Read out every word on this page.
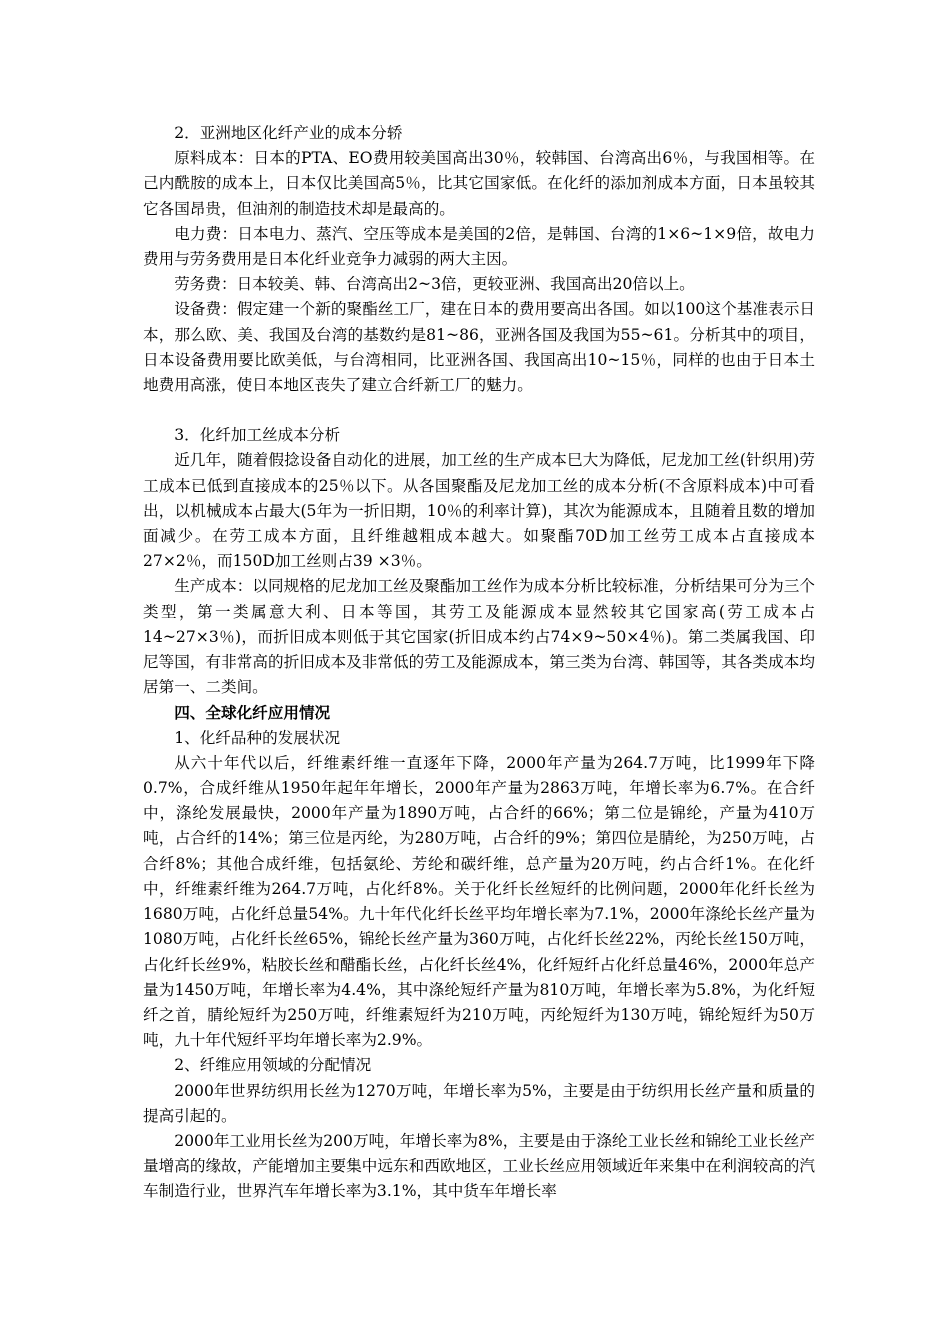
2．亚洲地区化纤产业的成本分轿

原料成本：日本的PTA、EO费用较美国高出30％，较韩国、台湾高出6％，与我国相等。在己内酰胺的成本上，日本仅比美国高5％，比其它国家低。在化纤的添加剂成本方面，日本虽较其它各国昂贵，但油剂的制造技术却是最高的。

电力费：日本电力、蒸汽、空压等成本是美国的2倍，是韩国、台湾的1×6~1×9倍，故电力费用与劳务费用是日本化纤业竞争力减弱的两大主因。

劳务费：日本较美、韩、台湾高出2~3倍，更较亚洲、我国高出20倍以上。

设备费：假定建一个新的聚酯丝工厂，建在日本的费用要高出各国。如以100这个基准表示日本，那么欧、美、我国及台湾的基数约是81~86，亚洲各国及我国为55~61。分析其中的项目，日本设备费用要比欧美低，与台湾相同，比亚洲各国、我国高出10~15％，同样的也由于日本土地费用高涨，使日本地区丧失了建立合纤新工厂的魅力。

3．化纤加工丝成本分析

近几年，随着假捻设备自动化的进展，加工丝的生产成本巳大为降低，尼龙加工丝(针织用)劳工成本已低到直接成本的25％以下。从各国聚酯及尼龙加工丝的成本分析(不含原料成本)中可看出，以机械成本占最大(5年为一折旧期，10％的利率计算)，其次为能源成本，且随着且数的增加面减少。在劳工成本方面，且纤维越粗成本越大。如聚酯70D加工丝劳工成本占直接成本27×2％，而150D加工丝则占39 ×3％。

生产成本：以同规格的尼龙加工丝及聚酯加工丝作为成本分析比较标准，分析结果可分为三个类型，第一类属意大利、日本等国，其劳工及能源成本显然较其它国家高(劳工成本占14~27×3％)，而折旧成本则低于其它国家(折旧成本约占74×9~50×4％)。第二类属我国、印尼等国，有非常高的折旧成本及非常低的劳工及能源成本，第三类为台湾、韩国等，其各类成本均居第一、二类间。

四、全球化纤应用情况

1、化纤品种的发展状况

从六十年代以后，纤维素纤维一直逐年下降，2000年产量为264.7万吨，比1999年下降0.7%，合成纤维从1950年起年年增长，2000年产量为2863万吨，年增长率为6.7%。在合纤中，涤纶发展最快，2000年产量为1890万吨，占合纤的66%；第二位是锦纶，产量为410万吨，占合纤的14%；第三位是丙纶，为280万吨，占合纤的9%；第四位是腈纶，为250万吨，占合纤8%；其他合成纤维，包括氨纶、芳纶和碳纤维，总产量为20万吨，约占合纤1%。在化纤中，纤维素纤维为264.7万吨，占化纤8%。关于化纤长丝短纤的比例问题，2000年化纤长丝为1680万吨，占化纤总量54%。九十年代化纤长丝平均年增长率为7.1%，2000年涤纶长丝产量为1080万吨，占化纤长丝65%，锦纶长丝产量为360万吨，占化纤长丝22%，丙纶长丝150万吨，占化纤长丝9%，粘胶长丝和醋酯长丝，占化纤长丝4%，化纤短纤占化纤总量46%，2000年总产量为1450万吨，年增长率为4.4%，其中涤纶短纤产量为810万吨，年增长率为5.8%，为化纤短纤之首，腈纶短纤为250万吨，纤维素短纤为210万吨，丙纶短纤为130万吨，锦纶短纤为50万吨，九十年代短纤平均年增长率为2.9%。

2、纤维应用领域的分配情况

2000年世界纺织用长丝为1270万吨，年增长率为5%，主要是由于纺织用长丝产量和质量的提高引起的。

2000年工业用长丝为200万吨，年增长率为8%，主要是由于涤纶工业长丝和锦纶工业长丝产量增高的缘故，产能增加主要集中远东和西欧地区，工业长丝应用领域近年来集中在利润较高的汽车制造行业，世界汽车年增长率为3.1%，其中货车年增长率
